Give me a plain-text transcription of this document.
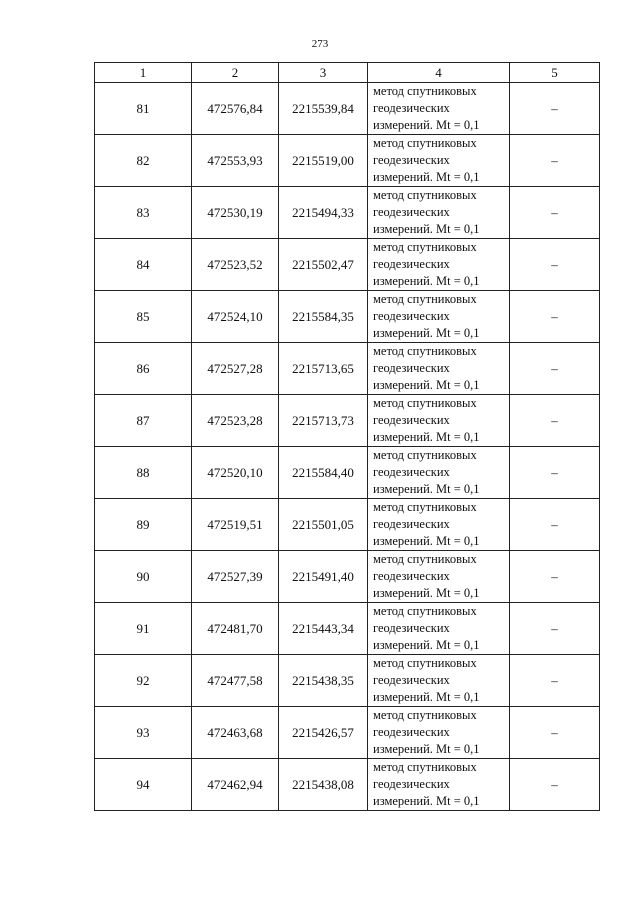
273
1	2	3	4	5
81	472576,84	2215539,84	метод спутниковых
геодезических
измерений. Mt = 0,1	–
82	472553,93	2215519,00	метод спутниковых
геодезических
измерений. Mt = 0,1	–
83	472530,19	2215494,33	метод спутниковых
геодезических
измерений. Mt = 0,1	–
84	472523,52	2215502,47	метод спутниковых
геодезических
измерений. Mt = 0,1	–
85	472524,10	2215584,35	метод спутниковых
геодезических
измерений. Mt = 0,1	–
86	472527,28	2215713,65	метод спутниковых
геодезических
измерений. Mt = 0,1	–
87	472523,28	2215713,73	метод спутниковых
геодезических
измерений. Mt = 0,1	–
88	472520,10	2215584,40	метод спутниковых
геодезических
измерений. Mt = 0,1	–
89	472519,51	2215501,05	метод спутниковых
геодезических
измерений. Mt = 0,1	–
90	472527,39	2215491,40	метод спутниковых
геодезических
измерений. Mt = 0,1	–
91	472481,70	2215443,34	метод спутниковых
геодезических
измерений. Mt = 0,1	–
92	472477,58	2215438,35	метод спутниковых
геодезических
измерений. Mt = 0,1	–
93	472463,68	2215426,57	метод спутниковых
геодезических
измерений. Mt = 0,1	–
94	472462,94	2215438,08	метод спутниковых
геодезических
измерений. Mt = 0,1	–
